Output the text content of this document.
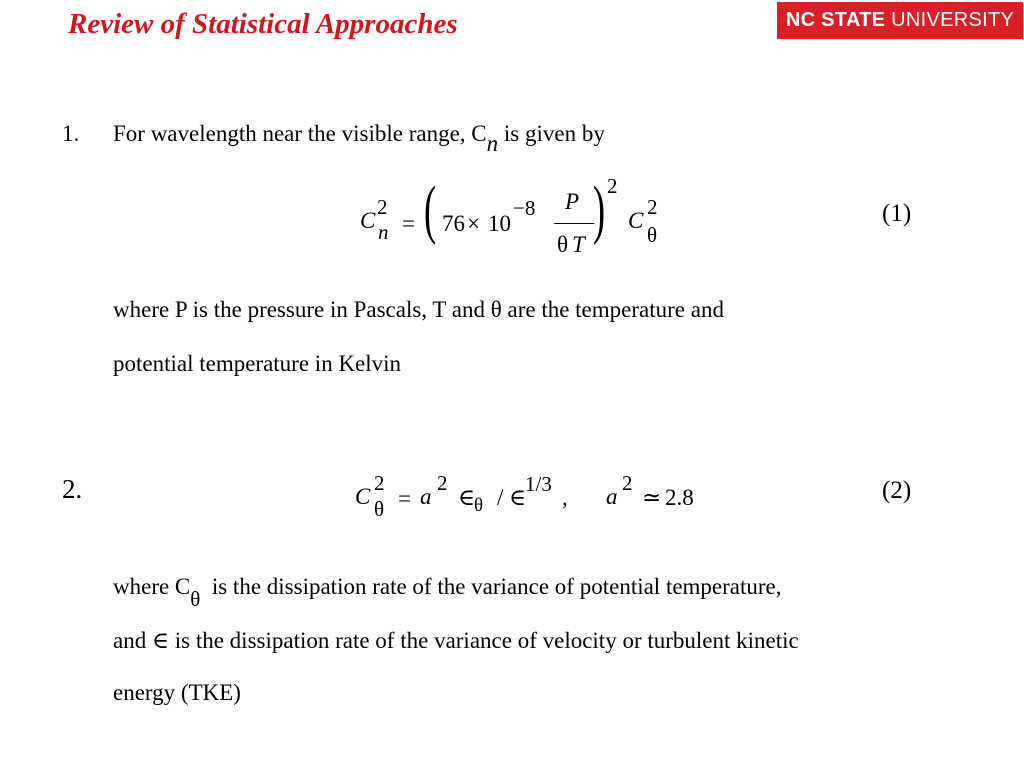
Review of Statistical Approaches	NC STATE UNIVERSITY
1. For wavelength near the visible range, $C_n$ is given by
C
2
n = ( 76 × 10
−8 P
θ T ) 2
C
2
θ
(1)
where P is the pressure in Pascals, T and θ are the temperature and
potential temperature in Kelvin
2.	C
2
θ = a
2
∈
θ / ∈
1/3
, a
2
≃ 2.8	(2)
where $C_\theta$  is the dissipation rate of the variance of potential temperature,
and ∈ is the dissipation rate of the variance of velocity or turbulent kinetic
energy (TKE)
